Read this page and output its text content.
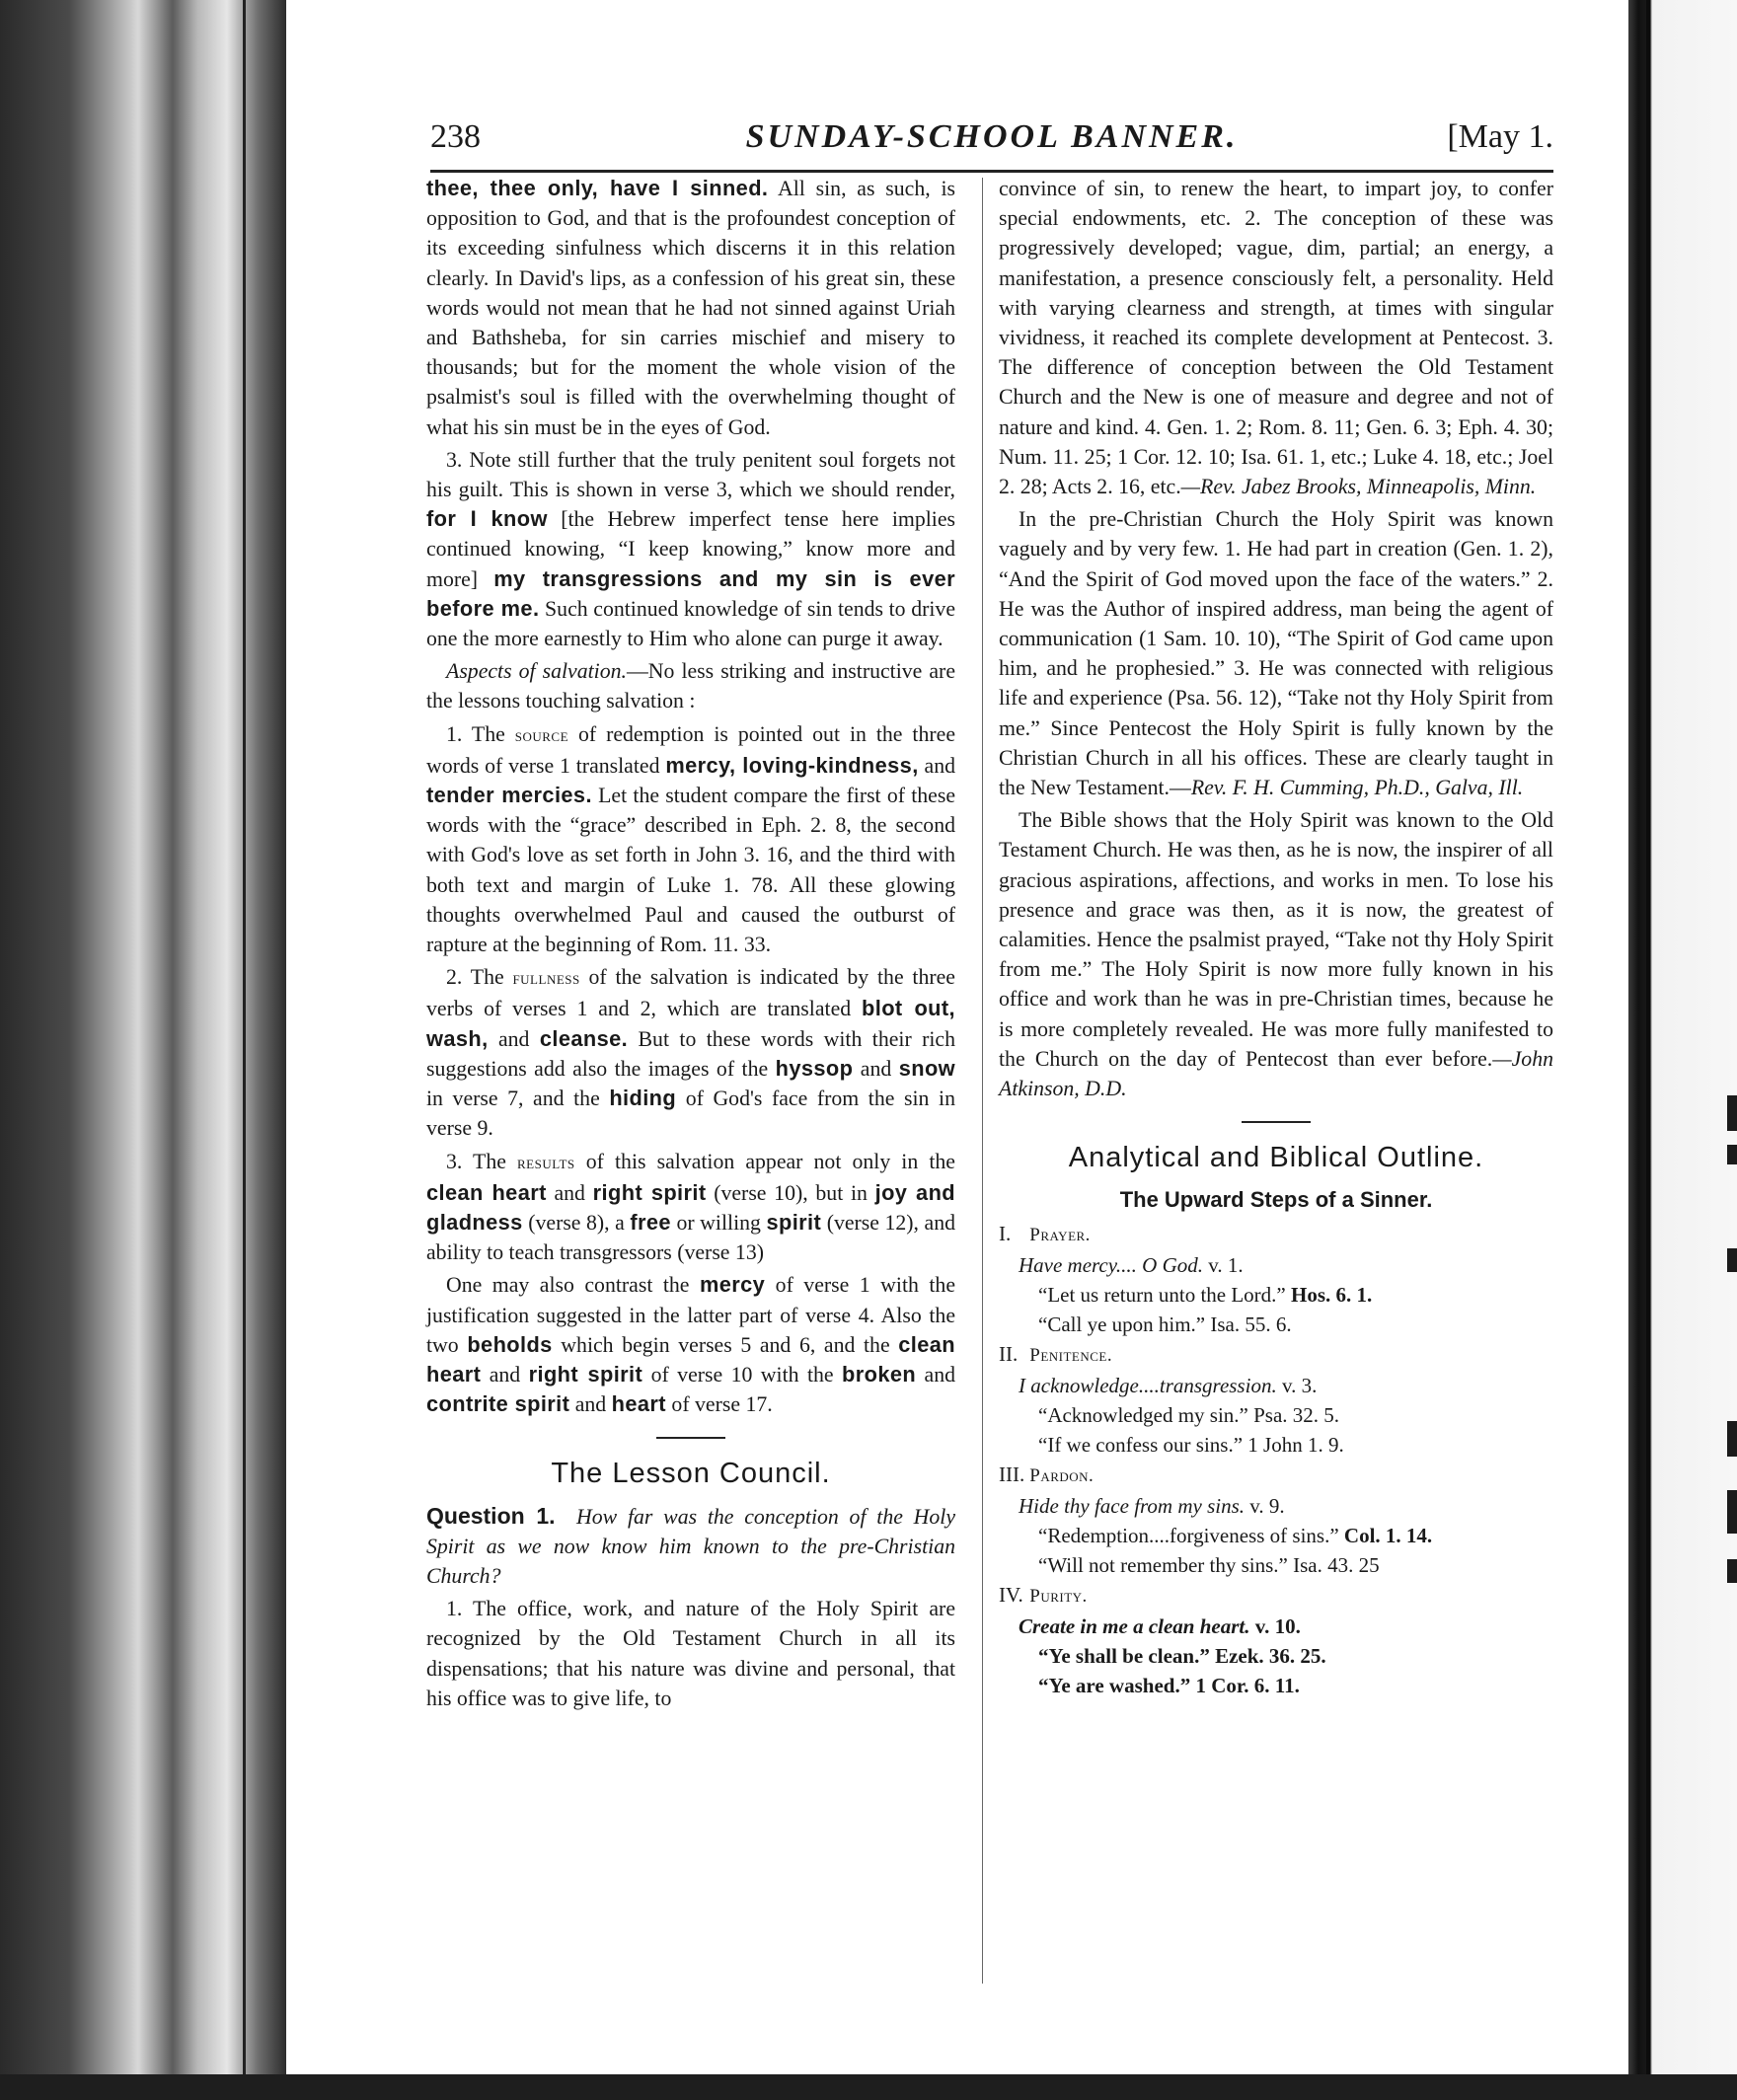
238	SUNDAY-SCHOOL BANNER.	[May 1.

thee, thee only, have I sinned. All sin, as such, is opposition to God, and that is the profoundest conception of its exceeding sinfulness which discerns it in this relation clearly. In David's lips, as a confession of his great sin, these words would not mean that he had not sinned against Uriah and Bathsheba, for sin carries mischief and misery to thousands; but for the moment the whole vision of the psalmist's soul is filled with the overwhelming thought of what his sin must be in the eyes of God.

3. Note still further that the truly penitent soul forgets not his guilt. This is shown in verse 3, which we should render, for I know [the Hebrew imperfect tense here implies continued knowing, “I keep knowing,” know more and more] my transgressions and my sin is ever before me. Such continued knowledge of sin tends to drive one the more earnestly to Him who alone can purge it away.

Aspects of salvation.—No less striking and instructive are the lessons touching salvation :

1. The source of redemption is pointed out in the three words of verse 1 translated mercy, loving-kindness, and tender mercies. Let the student compare the first of these words with the “grace” described in Eph. 2. 8, the second with God's love as set forth in John 3. 16, and the third with both text and margin of Luke 1. 78. All these glowing thoughts overwhelmed Paul and caused the outburst of rapture at the beginning of Rom. 11. 33.

2. The fullness of the salvation is indicated by the three verbs of verses 1 and 2, which are translated blot out, wash, and cleanse. But to these words with their rich suggestions add also the images of the hyssop and snow in verse 7, and the hiding of God's face from the sin in verse 9.

3. The results of this salvation appear not only in the clean heart and right spirit (verse 10), but in joy and gladness (verse 8), a free or willing spirit (verse 12), and ability to teach transgressors (verse 13)

One may also contrast the mercy of verse 1 with the justification suggested in the latter part of verse 4. Also the two beholds which begin verses 5 and 6, and the clean heart and right spirit of verse 10 with the broken and contrite spirit and heart of verse 17.

The Lesson Council.

Question 1. How far was the conception of the Holy Spirit as we now know him known to the pre-Christian Church?

1. The office, work, and nature of the Holy Spirit are recognized by the Old Testament Church in all its dispensations; that his nature was divine and personal, that his office was to give life, to

convince of sin, to renew the heart, to impart joy, to confer special endowments, etc. 2. The conception of these was progressively developed; vague, dim, partial; an energy, a manifestation, a presence consciously felt, a personality. Held with varying clearness and strength, at times with singular vividness, it reached its complete development at Pentecost. 3. The difference of conception between the Old Testament Church and the New is one of measure and degree and not of nature and kind. 4. Gen. 1. 2; Rom. 8. 11; Gen. 6. 3; Eph. 4. 30; Num. 11. 25; 1 Cor. 12. 10; Isa. 61. 1, etc.; Luke 4. 18, etc.; Joel 2. 28; Acts 2. 16, etc.—Rev. Jabez Brooks, Minneapolis, Minn.

In the pre-Christian Church the Holy Spirit was known vaguely and by very few. 1. He had part in creation (Gen. 1. 2), “And the Spirit of God moved upon the face of the waters.” 2. He was the Author of inspired address, man being the agent of communication (1 Sam. 10. 10), “The Spirit of God came upon him, and he prophesied.” 3. He was connected with religious life and experience (Psa. 56. 12), “Take not thy Holy Spirit from me.” Since Pentecost the Holy Spirit is fully known by the Christian Church in all his offices. These are clearly taught in the New Testament.—Rev. F. H. Cumming, Ph.D., Galva, Ill.

The Bible shows that the Holy Spirit was known to the Old Testament Church. He was then, as he is now, the inspirer of all gracious aspirations, affections, and works in men. To lose his presence and grace was then, as it is now, the greatest of calamities. Hence the psalmist prayed, “Take not thy Holy Spirit from me.” The Holy Spirit is now more fully known in his office and work than he was in pre-Christian times, because he is more completely revealed. He was more fully manifested to the Church on the day of Pentecost than ever before.—John Atkinson, D.D.

Analytical and Biblical Outline.
The Upward Steps of a Sinner.
I. Prayer.
Have mercy.... O God. v. 1.
“Let us return unto the Lord.” Hos. 6. 1.
“Call ye upon him.” Isa. 55. 6.
II. Penitence.
I acknowledge....transgression. v. 3.
“Acknowledged my sin.” Psa. 32. 5.
“If we confess our sins.” 1 John 1. 9.
III. Pardon.
Hide thy face from my sins. v. 9.
“Redemption....forgiveness of sins.” Col. 1. 14.
“Will not remember thy sins.” Isa. 43. 25
IV. Purity.
Create in me a clean heart. v. 10.
“Ye shall be clean.” Ezek. 36. 25.
“Ye are washed.” 1 Cor. 6. 11.
